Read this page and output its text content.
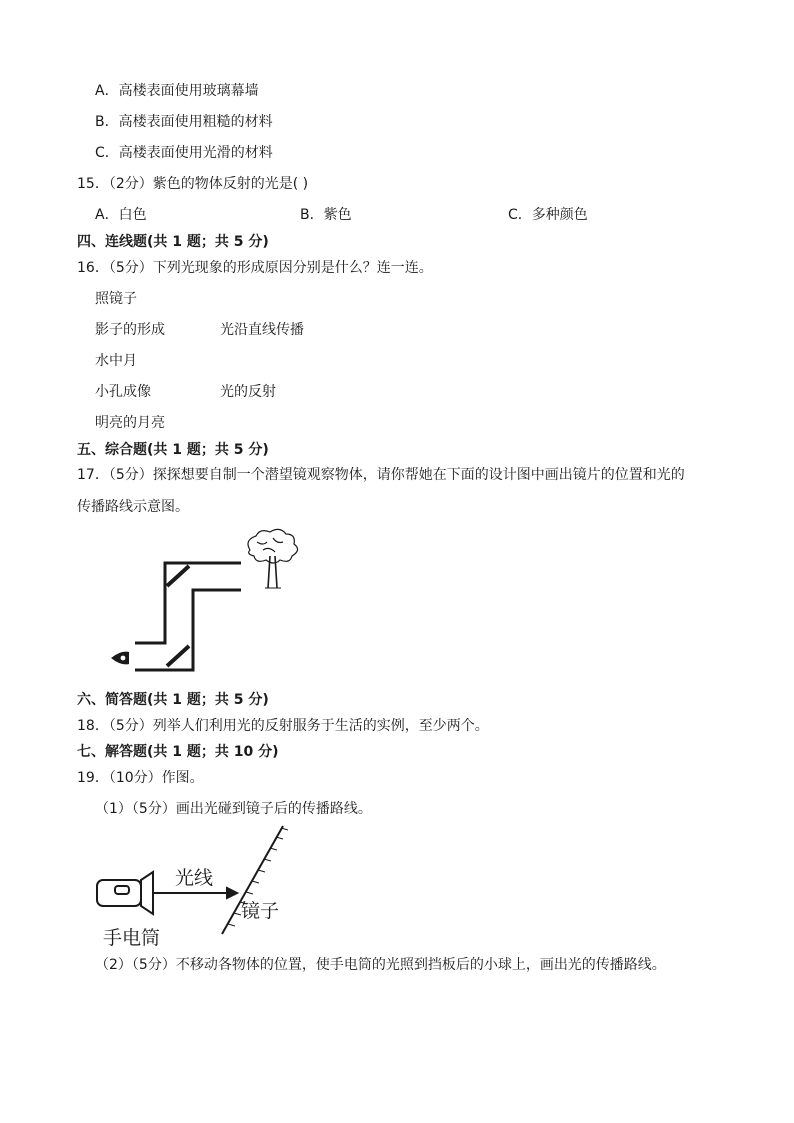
A．高楼表面使用玻璃幕墙
B．高楼表面使用粗糙的材料
C．高楼表面使用光滑的材料
15．（2分）紫色的物体反射的光是( )
A．白色	B．紫色	C．多种颜色
四、连线题(共 1 题；共 5 分)
16．（5分）下列光现象的形成原因分别是什么？连一连。
照镜子
影子的形成	光沿直线传播
水中月
小孔成像	光的反射
明亮的月亮
五、综合题(共 1 题；共 5 分)
17．（5分）探探想要自制一个潜望镜观察物体，请你帮她在下面的设计图中画出镜片的位置和光的
传播路线示意图。
六、简答题(共 1 题；共 5 分)
18．（5分）列举人们利用光的反射服务于生活的实例，至少两个。
七、解答题(共 1 题；共 10 分)
19．（10分）作图。
（1）（5分）画出光碰到镜子后的传播路线。
光线
镜子
手电筒
（2）（5分）不移动各物体的位置，使手电筒的光照到挡板后的小球上，画出光的传播路线。
